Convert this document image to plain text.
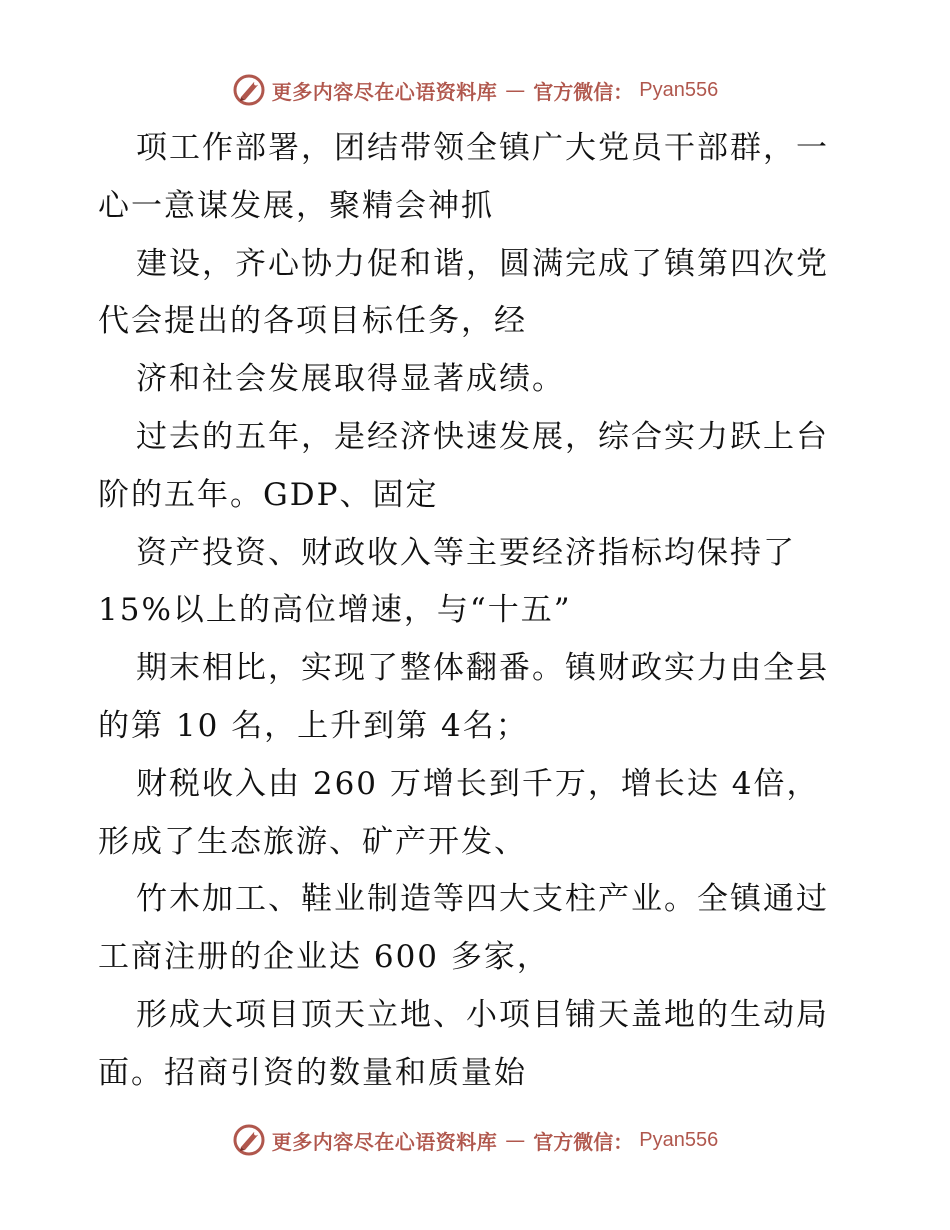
更多内容尽在心语资料库 — 官方微信： Pyan556
项工作部署，团结带领全镇广大党员干部群，一
心一意谋发展，聚精会神抓
建设，齐心协力促和谐，圆满完成了镇第四次党
代会提出的各项目标任务，经
济和社会发展取得显著成绩。
过去的五年，是经济快速发展，综合实力跃上台
阶的五年。GDP、固定
资产投资、财政收入等主要经济指标均保持了
15%以上的高位增速，与“十五”
期末相比，实现了整体翻番。镇财政实力由全县
的第 10 名，上升到第 4名；
财税收入由 260 万增长到千万，增长达 4倍，
形成了生态旅游、矿产开发、
竹木加工、鞋业制造等四大支柱产业。全镇通过
工商注册的企业达 600 多家，
形成大项目顶天立地、小项目铺天盖地的生动局
面。招商引资的数量和质量始
更多内容尽在心语资料库 — 官方微信： Pyan556
